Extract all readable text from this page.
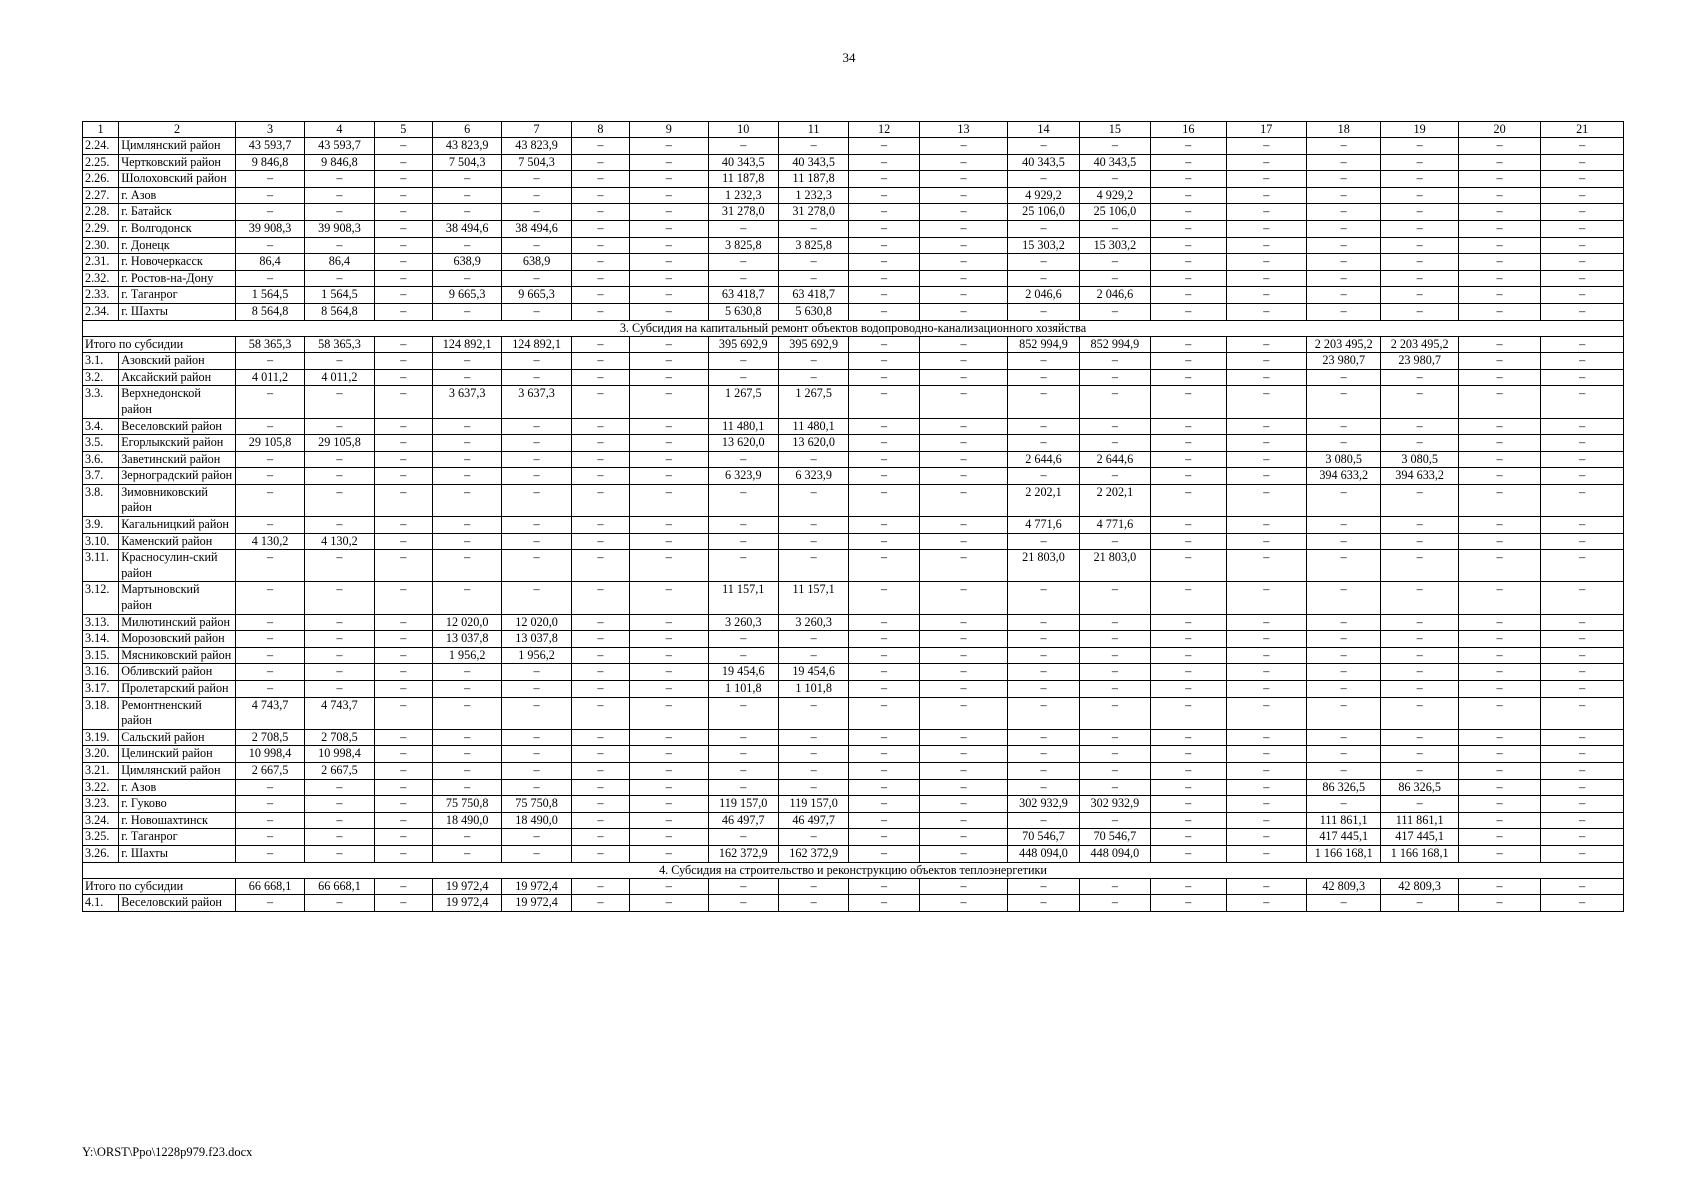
34
1	2	3	4	5	6	7	8	9	10	11	12	13	14	15	16	17	18	19	20	21
2.24.	Цимлянский район	43 593,7	43 593,7	–	43 823,9	43 823,9	–	–	–	–	–	–	–	–	–	–	–	–	–	–
2.25.	Чертковский район	9 846,8	9 846,8	–	7 504,3	7 504,3	–	–	40 343,5	40 343,5	–	–	40 343,5	40 343,5	–	–	–	–	–	–
2.26.	Шолоховский район	–	–	–	–	–	–	–	11 187,8	11 187,8	–	–	–	–	–	–	–	–	–	–
2.27.	г. Азов	–	–	–	–	–	–	–	1 232,3	1 232,3	–	–	4 929,2	4 929,2	–	–	–	–	–	–
2.28.	г. Батайск	–	–	–	–	–	–	–	31 278,0	31 278,0	–	–	25 106,0	25 106,0	–	–	–	–	–	–
2.29.	г. Волгодонск	39 908,3	39 908,3	–	38 494,6	38 494,6	–	–	–	–	–	–	–	–	–	–	–	–	–	–
2.30.	г. Донецк	–	–	–	–	–	–	–	3 825,8	3 825,8	–	–	15 303,2	15 303,2	–	–	–	–	–	–
2.31.	г. Новочеркасск	86,4	86,4	–	638,9	638,9	–	–	–	–	–	–	–	–	–	–	–	–	–	–
2.32.	г. Ростов-на-Дону	–	–	–	–	–	–	–	–	–	–	–	–	–	–	–	–	–	–	–
2.33.	г. Таганрог	1 564,5	1 564,5	–	9 665,3	9 665,3	–	–	63 418,7	63 418,7	–	–	2 046,6	2 046,6	–	–	–	–	–	–
2.34.	г. Шахты	8 564,8	8 564,8	–	–	–	–	–	5 630,8	5 630,8	–	–	–	–	–	–	–	–	–	–
3. Субсидия на капитальный ремонт объектов водопроводно-канализационного хозяйства																				
Итого по субсидии		58 365,3	58 365,3	–	124 892,1	124 892,1	–	–	395 692,9	395 692,9	–	–	852 994,9	852 994,9	–	–	2 203 495,2	2 203 495,2	–	–
3.1.	Азовский район	–	–	–	–	–	–	–	–	–	–	–	–	–	–	–	23 980,7	23 980,7	–	–
3.2.	Аксайский район	4 011,2	4 011,2	–	–	–	–	–	–	–	–	–	–	–	–	–	–	–	–	–
3.3.	Верхнедонской район	–	–	–	3 637,3	3 637,3	–	–	1 267,5	1 267,5	–	–	–	–	–	–	–	–	–	–
3.4.	Веселовский район	–	–	–	–	–	–	–	11 480,1	11 480,1	–	–	–	–	–	–	–	–	–	–
3.5.	Егорлыкский район	29 105,8	29 105,8	–	–	–	–	–	13 620,0	13 620,0	–	–	–	–	–	–	–	–	–	–
3.6.	Заветинский район	–	–	–	–	–	–	–	–	–	–	–	2 644,6	2 644,6	–	–	3 080,5	3 080,5	–	–
3.7.	Зерноградский район	–	–	–	–	–	–	–	6 323,9	6 323,9	–	–	–	–	–	–	394 633,2	394 633,2	–	–
3.8.	Зимовниковский район	–	–	–	–	–	–	–	–	–	–	–	2 202,1	2 202,1	–	–	–	–	–	–
3.9.	Кагальницкий район	–	–	–	–	–	–	–	–	–	–	–	4 771,6	4 771,6	–	–	–	–	–	–
3.10.	Каменский район	4 130,2	4 130,2	–	–	–	–	–	–	–	–	–	–	–	–	–	–	–	–	–
3.11.	Красносулин-ский район	–	–	–	–	–	–	–	–	–	–	–	21 803,0	21 803,0	–	–	–	–	–	–
3.12.	Мартыновский район	–	–	–	–	–	–	–	11 157,1	11 157,1	–	–	–	–	–	–	–	–	–	–
3.13.	Милютинский район	–	–	–	12 020,0	12 020,0	–	–	3 260,3	3 260,3	–	–	–	–	–	–	–	–	–	–
3.14.	Морозовский район	–	–	–	13 037,8	13 037,8	–	–	–	–	–	–	–	–	–	–	–	–	–	–
3.15.	Мясниковский район	–	–	–	1 956,2	1 956,2	–	–	–	–	–	–	–	–	–	–	–	–	–	–
3.16.	Обливский район	–	–	–	–	–	–	–	19 454,6	19 454,6	–	–	–	–	–	–	–	–	–	–
3.17.	Пролетарский район	–	–	–	–	–	–	–	1 101,8	1 101,8	–	–	–	–	–	–	–	–	–	–
3.18.	Ремонтненский район	4 743,7	4 743,7	–	–	–	–	–	–	–	–	–	–	–	–	–	–	–	–	–
3.19.	Сальский район	2 708,5	2 708,5	–	–	–	–	–	–	–	–	–	–	–	–	–	–	–	–	–
3.20.	Целинский район	10 998,4	10 998,4	–	–	–	–	–	–	–	–	–	–	–	–	–	–	–	–	–
3.21.	Цимлянский район	2 667,5	2 667,5	–	–	–	–	–	–	–	–	–	–	–	–	–	–	–	–	–
3.22.	г. Азов	–	–	–	–	–	–	–	–	–	–	–	–	–	–	–	86 326,5	86 326,5	–	–
3.23.	г. Гуково	–	–	–	75 750,8	75 750,8	–	–	119 157,0	119 157,0	–	–	302 932,9	302 932,9	–	–	–	–	–	–
3.24.	г. Новошахтинск	–	–	–	18 490,0	18 490,0	–	–	46 497,7	46 497,7	–	–	–	–	–	–	111 861,1	111 861,1	–	–
3.25.	г. Таганрог	–	–	–	–	–	–	–	–	–	–	–	70 546,7	70 546,7	–	–	417 445,1	417 445,1	–	–
3.26.	г. Шахты	–	–	–	–	–	–	–	162 372,9	162 372,9	–	–	448 094,0	448 094,0	–	–	1 166 168,1	1 166 168,1	–	–
4. Субсидия на строительство и реконструкцию объектов теплоэнергетики																				
Итого по субсидии		66 668,1	66 668,1	–	19 972,4	19 972,4	–	–	–	–	–	–	–	–	–	–	42 809,3	42 809,3	–	–
4.1.	Веселовский район	–	–	–	19 972,4	19 972,4	–	–	–	–	–	–	–	–	–	–	–	–	–	–
Y:\ORST\Ppo\1228p979.f23.docx
